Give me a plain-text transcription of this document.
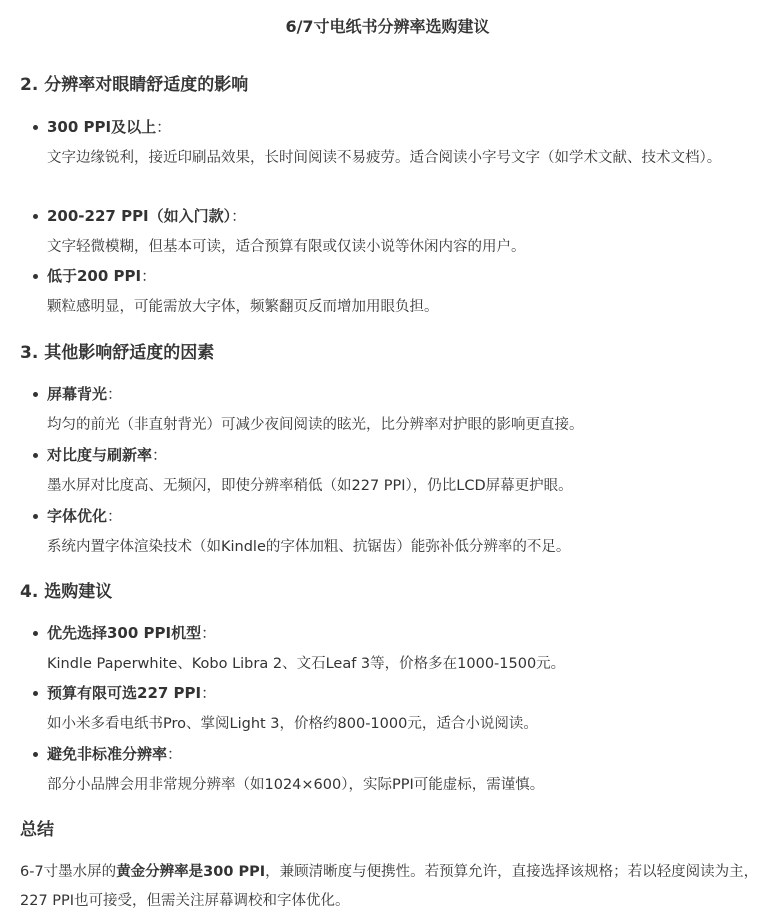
6/7寸电纸书分辨率选购建议
2. 分辨率对眼睛舒适度的影响
300 PPI及以上：
文字边缘锐利，接近印刷品效果，长时间阅读不易疲劳。适合阅读小字号文字（如学术文献、技术文档）。
200-227 PPI（如入门款）：
文字轻微模糊，但基本可读，适合预算有限或仅读小说等休闲内容的用户。
低于200 PPI：
颗粒感明显，可能需放大字体，频繁翻页反而增加用眼负担。
3. 其他影响舒适度的因素
屏幕背光：
均匀的前光（非直射背光）可减少夜间阅读的眩光，比分辨率对护眼的影响更直接。
对比度与刷新率：
墨水屏对比度高、无频闪，即使分辨率稍低（如227 PPI），仍比LCD屏幕更护眼。
字体优化：
系统内置字体渲染技术（如Kindle的字体加粗、抗锯齿）能弥补低分辨率的不足。
4. 选购建议
优先选择300 PPI机型：
Kindle Paperwhite、Kobo Libra 2、文石Leaf 3等，价格多在1000-1500元。
预算有限可选227 PPI：
如小米多看电纸书Pro、掌阅Light 3，价格约800-1000元，适合小说阅读。
避免非标准分辨率：
部分小品牌会用非常规分辨率（如1024×600），实际PPI可能虚标，需谨慎。
总结

6-7寸墨水屏的黄金分辨率是300 PPI，兼顾清晰度与便携性。若预算允许，直接选择该规格；若以轻度阅读为主，227 PPI也可接受，但需关注屏幕调校和字体优化。
